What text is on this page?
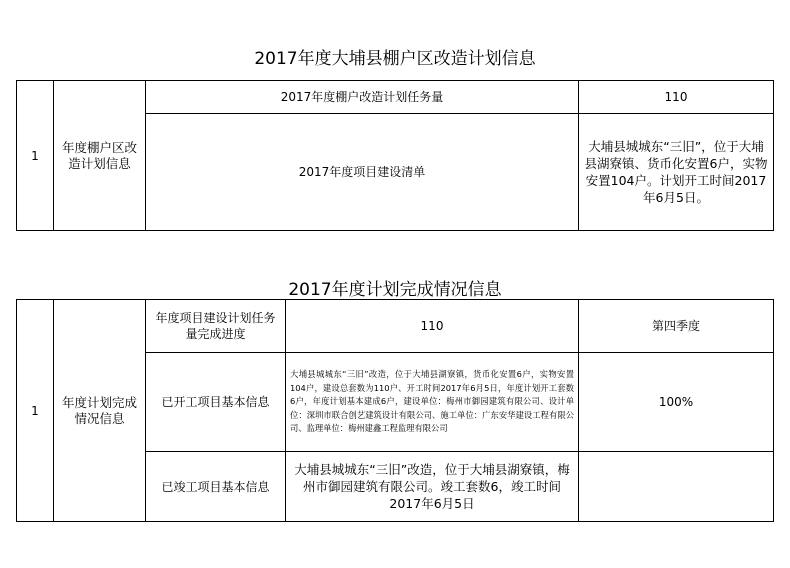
2017年度大埔县棚户区改造计划信息
1	年度棚户区改造计划信息	2017年度棚户改造计划任务量	110
		2017年度项目建设清单	大埔县城城东“三旧”，位于大埔县湖寮镇、货币化安置6户，实物安置104户。计划开工时间2017年6月5日。
2017年度计划完成情况信息
1	年度计划完成情况信息	年度项目建设计划任务量完成进度	110	第四季度
		已开工项目基本信息	大埔县城城东“三旧”改造，位于大埔县湖寮镇，货币化安置6户，实物安置104户，建设总套数为110户、开工时间2017年6月5日，年度计划开工套数6户，年度计划基本建成6户，建设单位：梅州市御园建筑有限公司、设计单位：深圳市联合创艺建筑设计有限公司、施工单位：广东安华建设工程有限公司、监理单位：梅州建鑫工程监理有限公司	100%
		已竣工项目基本信息	大埔县城城东“三旧”改造，位于大埔县湖寮镇，梅州市御园建筑有限公司。竣工套数6，竣工时间2017年6月5日	
